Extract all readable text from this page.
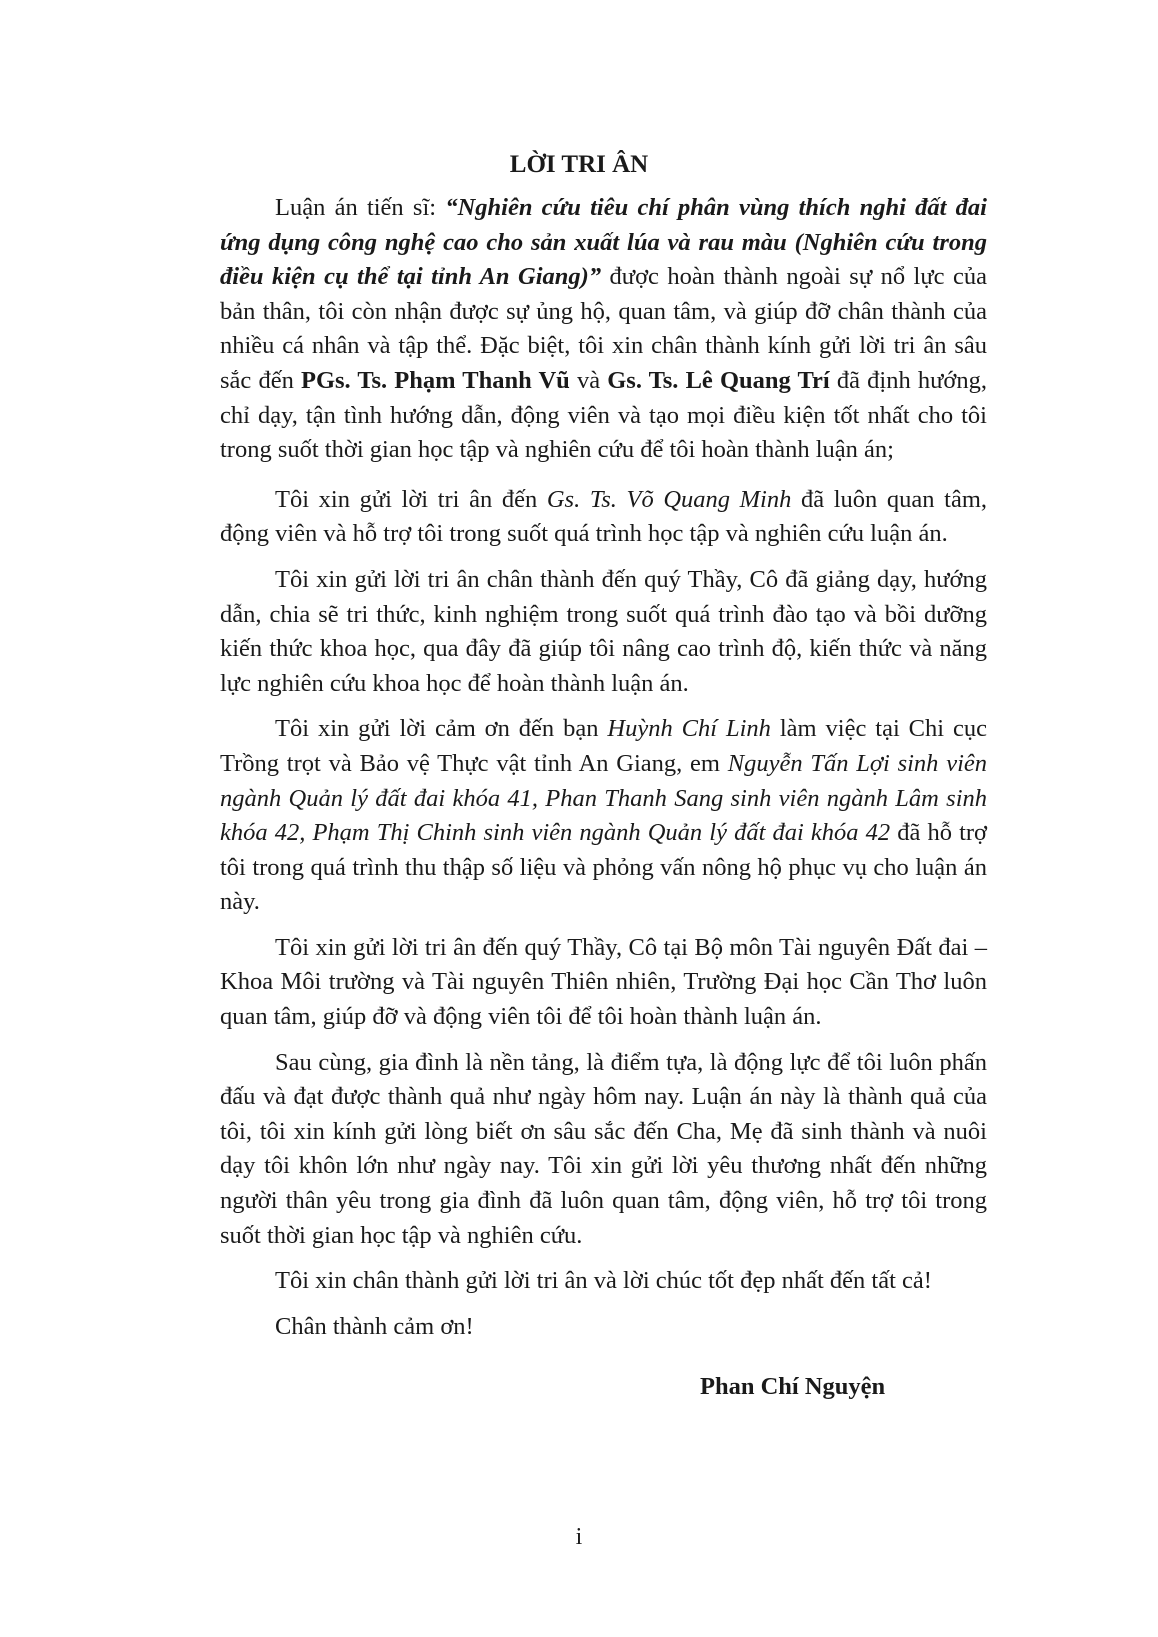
LỜI TRI ÂN

Luận án tiến sĩ: “Nghiên cứu tiêu chí phân vùng thích nghi đất đai ứng dụng công nghệ cao cho sản xuất lúa và rau màu (Nghiên cứu trong điều kiện cụ thể tại tỉnh An Giang)” được hoàn thành ngoài sự nổ lực của bản thân, tôi còn nhận được sự ủng hộ, quan tâm, và giúp đỡ chân thành của nhiều cá nhân và tập thể. Đặc biệt, tôi xin chân thành kính gửi lời tri ân sâu sắc đến PGs. Ts. Phạm Thanh Vũ và Gs. Ts. Lê Quang Trí đã định hướng, chỉ dạy, tận tình hướng dẫn, động viên và tạo mọi điều kiện tốt nhất cho tôi trong suốt thời gian học tập và nghiên cứu để tôi hoàn thành luận án;

Tôi xin gửi lời tri ân đến Gs. Ts. Võ Quang Minh đã luôn quan tâm, động viên và hỗ trợ tôi trong suốt quá trình học tập và nghiên cứu luận án.

Tôi xin gửi lời tri ân chân thành đến quý Thầy, Cô đã giảng dạy, hướng dẫn, chia sẽ tri thức, kinh nghiệm trong suốt quá trình đào tạo và bồi dưỡng kiến thức khoa học, qua đây đã giúp tôi nâng cao trình độ, kiến thức và năng lực nghiên cứu khoa học để hoàn thành luận án.

Tôi xin gửi lời cảm ơn đến bạn Huỳnh Chí Linh làm việc tại Chi cục Trồng trọt và Bảo vệ Thực vật tỉnh An Giang, em Nguyễn Tấn Lợi sinh viên ngành Quản lý đất đai khóa 41, Phan Thanh Sang sinh viên ngành Lâm sinh khóa 42, Phạm Thị Chinh sinh viên ngành Quản lý đất đai khóa 42 đã hỗ trợ tôi trong quá trình thu thập số liệu và phỏng vấn nông hộ phục vụ cho luận án này.

Tôi xin gửi lời tri ân đến quý Thầy, Cô tại Bộ môn Tài nguyên Đất đai – Khoa Môi trường và Tài nguyên Thiên nhiên, Trường Đại học Cần Thơ luôn quan tâm, giúp đỡ và động viên tôi để tôi hoàn thành luận án.

Sau cùng, gia đình là nền tảng, là điểm tựa, là động lực để tôi luôn phấn đấu và đạt được thành quả như ngày hôm nay. Luận án này là thành quả của tôi, tôi xin kính gửi lòng biết ơn sâu sắc đến Cha, Mẹ đã sinh thành và nuôi dạy tôi khôn lớn như ngày nay. Tôi xin gửi lời yêu thương nhất đến những người thân yêu trong gia đình đã luôn quan tâm, động viên, hỗ trợ tôi trong suốt thời gian học tập và nghiên cứu.

Tôi xin chân thành gửi lời tri ân và lời chúc tốt đẹp nhất đến tất cả!

Chân thành cảm ơn!

Phan Chí Nguyện
i
